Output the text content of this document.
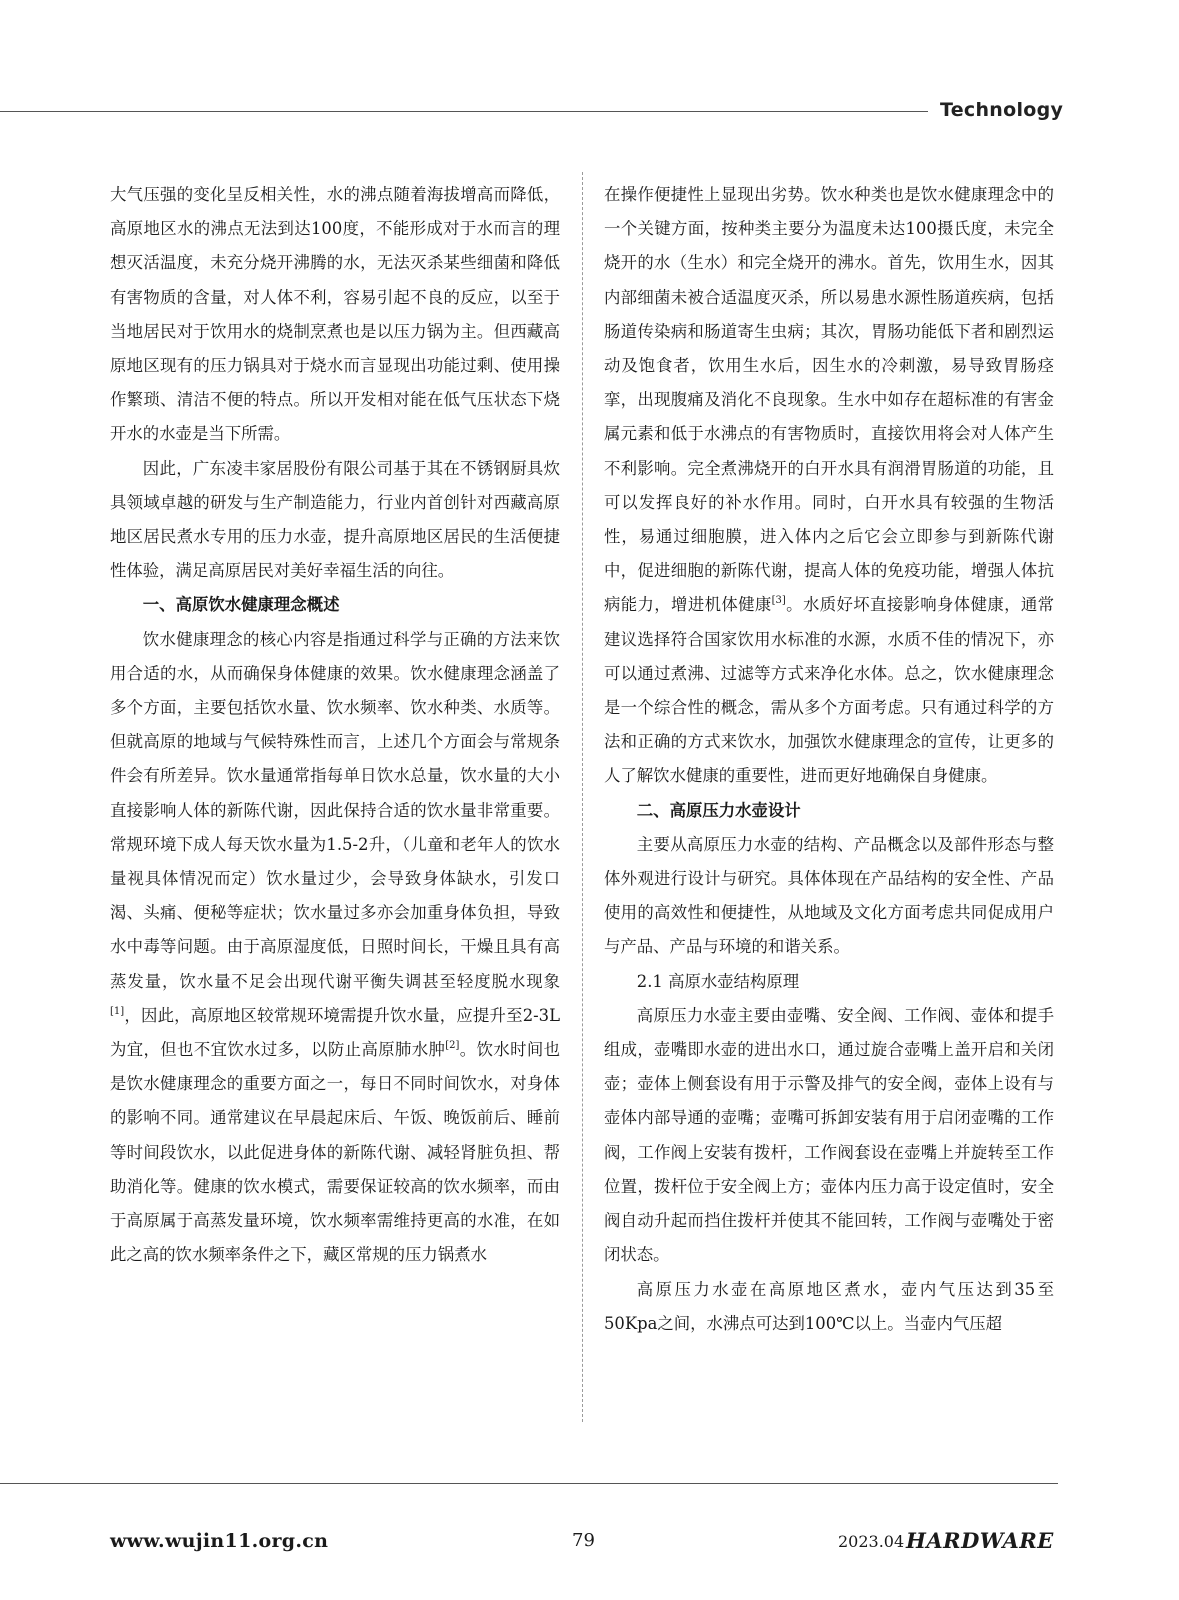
Technology

大气压强的变化呈反相关性，水的沸点随着海拔增高而降低，高原地区水的沸点无法到达100度，不能形成对于水而言的理想灭活温度，未充分烧开沸腾的水，无法灭杀某些细菌和降低有害物质的含量，对人体不利，容易引起不良的反应，以至于当地居民对于饮用水的烧制烹煮也是以压力锅为主。但西藏高原地区现有的压力锅具对于烧水而言显现出功能过剩、使用操作繁琐、清洁不便的特点。所以开发相对能在低气压状态下烧开水的水壶是当下所需。

因此，广东凌丰家居股份有限公司基于其在不锈钢厨具炊具领域卓越的研发与生产制造能力，行业内首创针对西藏高原地区居民煮水专用的压力水壶，提升高原地区居民的生活便捷性体验，满足高原居民对美好幸福生活的向往。

一、高原饮水健康理念概述

饮水健康理念的核心内容是指通过科学与正确的方法来饮用合适的水，从而确保身体健康的效果。饮水健康理念涵盖了多个方面，主要包括饮水量、饮水频率、饮水种类、水质等。但就高原的地域与气候特殊性而言，上述几个方面会与常规条件会有所差异。饮水量通常指每单日饮水总量，饮水量的大小直接影响人体的新陈代谢，因此保持合适的饮水量非常重要。常规环境下成人每天饮水量为1.5-2升，（儿童和老年人的饮水量视具体情况而定）饮水量过少，会导致身体缺水，引发口渴、头痛、便秘等症状；饮水量过多亦会加重身体负担，导致水中毒等问题。由于高原湿度低，日照时间长，干燥且具有高蒸发量，饮水量不足会出现代谢平衡失调甚至轻度脱水现象[1]，因此，高原地区较常规环境需提升饮水量，应提升至2-3L为宜，但也不宜饮水过多，以防止高原肺水肿[2]。饮水时间也是饮水健康理念的重要方面之一，每日不同时间饮水，对身体的影响不同。通常建议在早晨起床后、午饭、晚饭前后、睡前等时间段饮水，以此促进身体的新陈代谢、减轻肾脏负担、帮助消化等。健康的饮水模式，需要保证较高的饮水频率，而由于高原属于高蒸发量环境，饮水频率需维持更高的水准，在如此之高的饮水频率条件之下，藏区常规的压力锅煮水

在操作便捷性上显现出劣势。饮水种类也是饮水健康理念中的一个关键方面，按种类主要分为温度未达100摄氏度，未完全烧开的水（生水）和完全烧开的沸水。首先，饮用生水，因其内部细菌未被合适温度灭杀，所以易患水源性肠道疾病，包括肠道传染病和肠道寄生虫病；其次，胃肠功能低下者和剧烈运动及饱食者，饮用生水后，因生水的冷刺激，易导致胃肠痉挛，出现腹痛及消化不良现象。生水中如存在超标准的有害金属元素和低于水沸点的有害物质时，直接饮用将会对人体产生不利影响。完全煮沸烧开的白开水具有润滑胃肠道的功能，且可以发挥良好的补水作用。同时，白开水具有较强的生物活性，易通过细胞膜，进入体内之后它会立即参与到新陈代谢中，促进细胞的新陈代谢，提高人体的免疫功能，增强人体抗病能力，增进机体健康[3]。水质好坏直接影响身体健康，通常建议选择符合国家饮用水标准的水源，水质不佳的情况下，亦可以通过煮沸、过滤等方式来净化水体。总之，饮水健康理念是一个综合性的概念，需从多个方面考虑。只有通过科学的方法和正确的方式来饮水，加强饮水健康理念的宣传，让更多的人了解饮水健康的重要性，进而更好地确保自身健康。

二、高原压力水壶设计

主要从高原压力水壶的结构、产品概念以及部件形态与整体外观进行设计与研究。具体体现在产品结构的安全性、产品使用的高效性和便捷性，从地域及文化方面考虑共同促成用户与产品、产品与环境的和谐关系。

2.1 高原水壶结构原理

高原压力水壶主要由壶嘴、安全阀、工作阀、壶体和提手组成，壶嘴即水壶的进出水口，通过旋合壶嘴上盖开启和关闭壶；壶体上侧套设有用于示警及排气的安全阀，壶体上设有与壶体内部导通的壶嘴；壶嘴可拆卸安装有用于启闭壶嘴的工作阀，工作阀上安装有拨杆，工作阀套设在壶嘴上并旋转至工作位置，拨杆位于安全阀上方；壶体内压力高于设定值时，安全阀自动升起而挡住拨杆并使其不能回转，工作阀与壶嘴处于密闭状态。

高原压力水壶在高原地区煮水，壶内气压达到35至50Kpa之间，水沸点可达到100℃以上。当壶内气压超

www.wujin11.org.cn	79	2023.04 HARDWARE
